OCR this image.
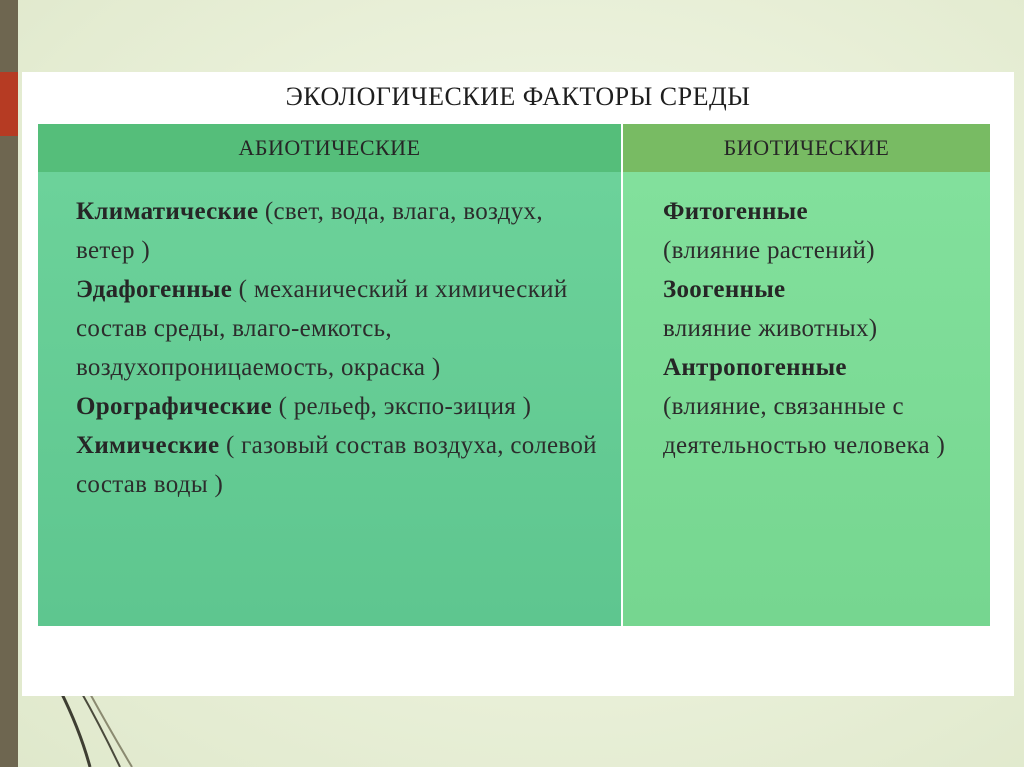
ЭКОЛОГИЧЕСКИЕ ФАКТОРЫ СРЕДЫ
АБИОТИЧЕСКИЕ	БИОТИЧЕСКИЕ

Климатические (свет, вода, влага, воздух, ветер )

Эдафогенные ( механический и химический состав среды, влаго-емкотсь, воздухопроницаемость, окраска )

Орографические ( рельеф, экспо-зиция )

Химические ( газовый состав воздуха, солевой состав воды )

Фитогенные
(влияние растений)

Зоогенные
влияние животных)

Антропогенные
(влияние, связанные с деятельностью человека )
